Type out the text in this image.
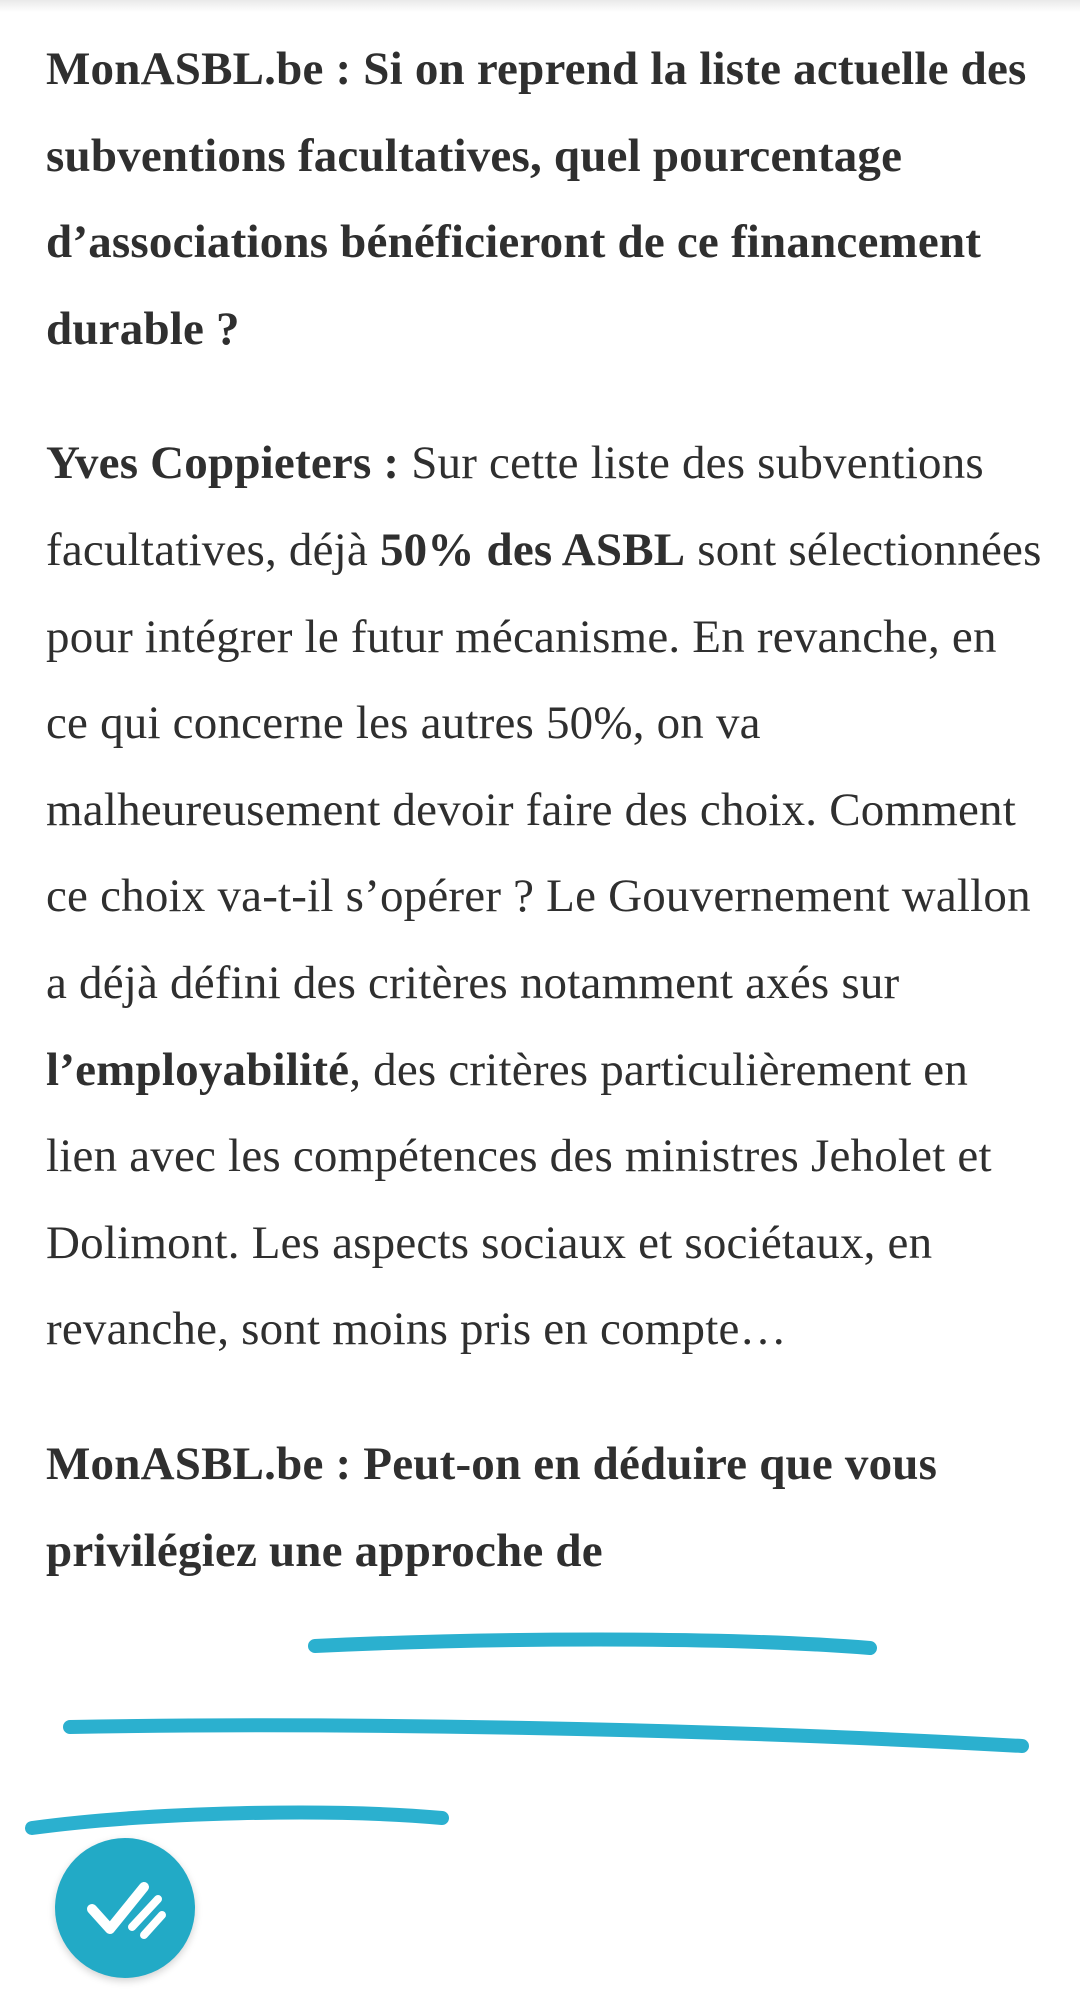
MonASBL.be : Si on reprend la liste actuelle des subventions facultatives, quel pourcentage d’associations bénéficieront de ce financement durable ?

Yves Coppieters : Sur cette liste des subventions facultatives, déjà 50% des ASBL sont sélectionnées pour intégrer le futur mécanisme. En revanche, en ce qui concerne les autres 50%, on va malheureusement devoir faire des choix. Comment ce choix va-t-il s’opérer ? Le Gouvernement wallon a déjà défini des critères notamment axés sur l’employabilité, des critères particulièrement en lien avec les compétences des ministres Jeholet et Dolimont. Les aspects sociaux et sociétaux, en revanche, sont moins pris en compte…

MonASBL.be : Peut-on en déduire que vous privilégiez une approche de
